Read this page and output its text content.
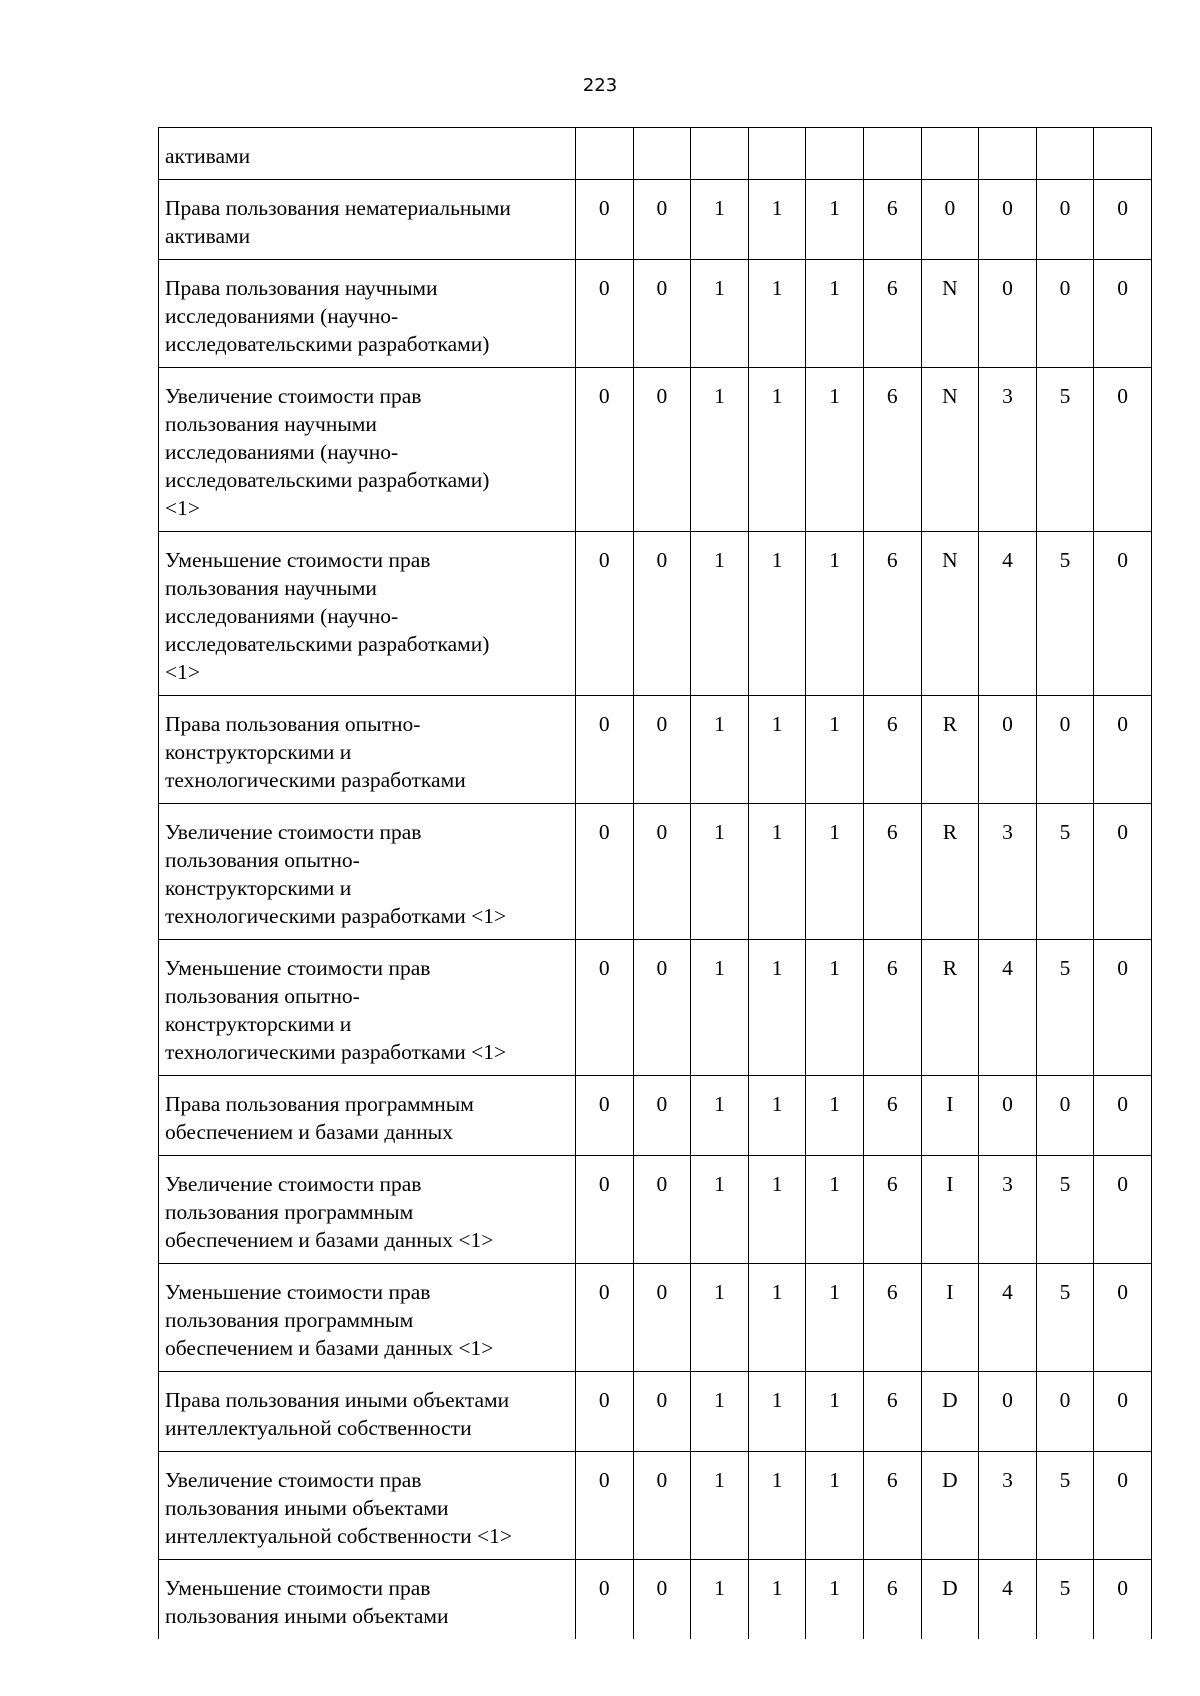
223
активами										

Права пользования нематериальными
активами	0	0	1	1	1	6	0	0	0	0

Права пользования научными
исследованиями (научно-
исследовательскими разработками)	0	0	1	1	1	6	N	0	0	0

Увеличение стоимости прав
пользования научными
исследованиями (научно-
исследовательскими разработками)
<1>	0	0	1	1	1	6	N	3	5	0

Уменьшение стоимости прав
пользования научными
исследованиями (научно-
исследовательскими разработками)
<1>	0	0	1	1	1	6	N	4	5	0

Права пользования опытно-
конструкторскими и
технологическими разработками	0	0	1	1	1	6	R	0	0	0

Увеличение стоимости прав
пользования опытно-
конструкторскими и
технологическими разработками <1>	0	0	1	1	1	6	R	3	5	0

Уменьшение стоимости прав
пользования опытно-
конструкторскими и
технологическими разработками <1>	0	0	1	1	1	6	R	4	5	0

Права пользования программным
обеспечением и базами данных	0	0	1	1	1	6	I	0	0	0

Увеличение стоимости прав
пользования программным
обеспечением и базами данных <1>	0	0	1	1	1	6	I	3	5	0

Уменьшение стоимости прав
пользования программным
обеспечением и базами данных <1>	0	0	1	1	1	6	I	4	5	0

Права пользования иными объектами
интеллектуальной собственности	0	0	1	1	1	6	D	0	0	0

Увеличение стоимости прав
пользования иными объектами
интеллектуальной собственности <1>	0	0	1	1	1	6	D	3	5	0

Уменьшение стоимости прав
пользования иными объектами	0	0	1	1	1	6	D	4	5	0
